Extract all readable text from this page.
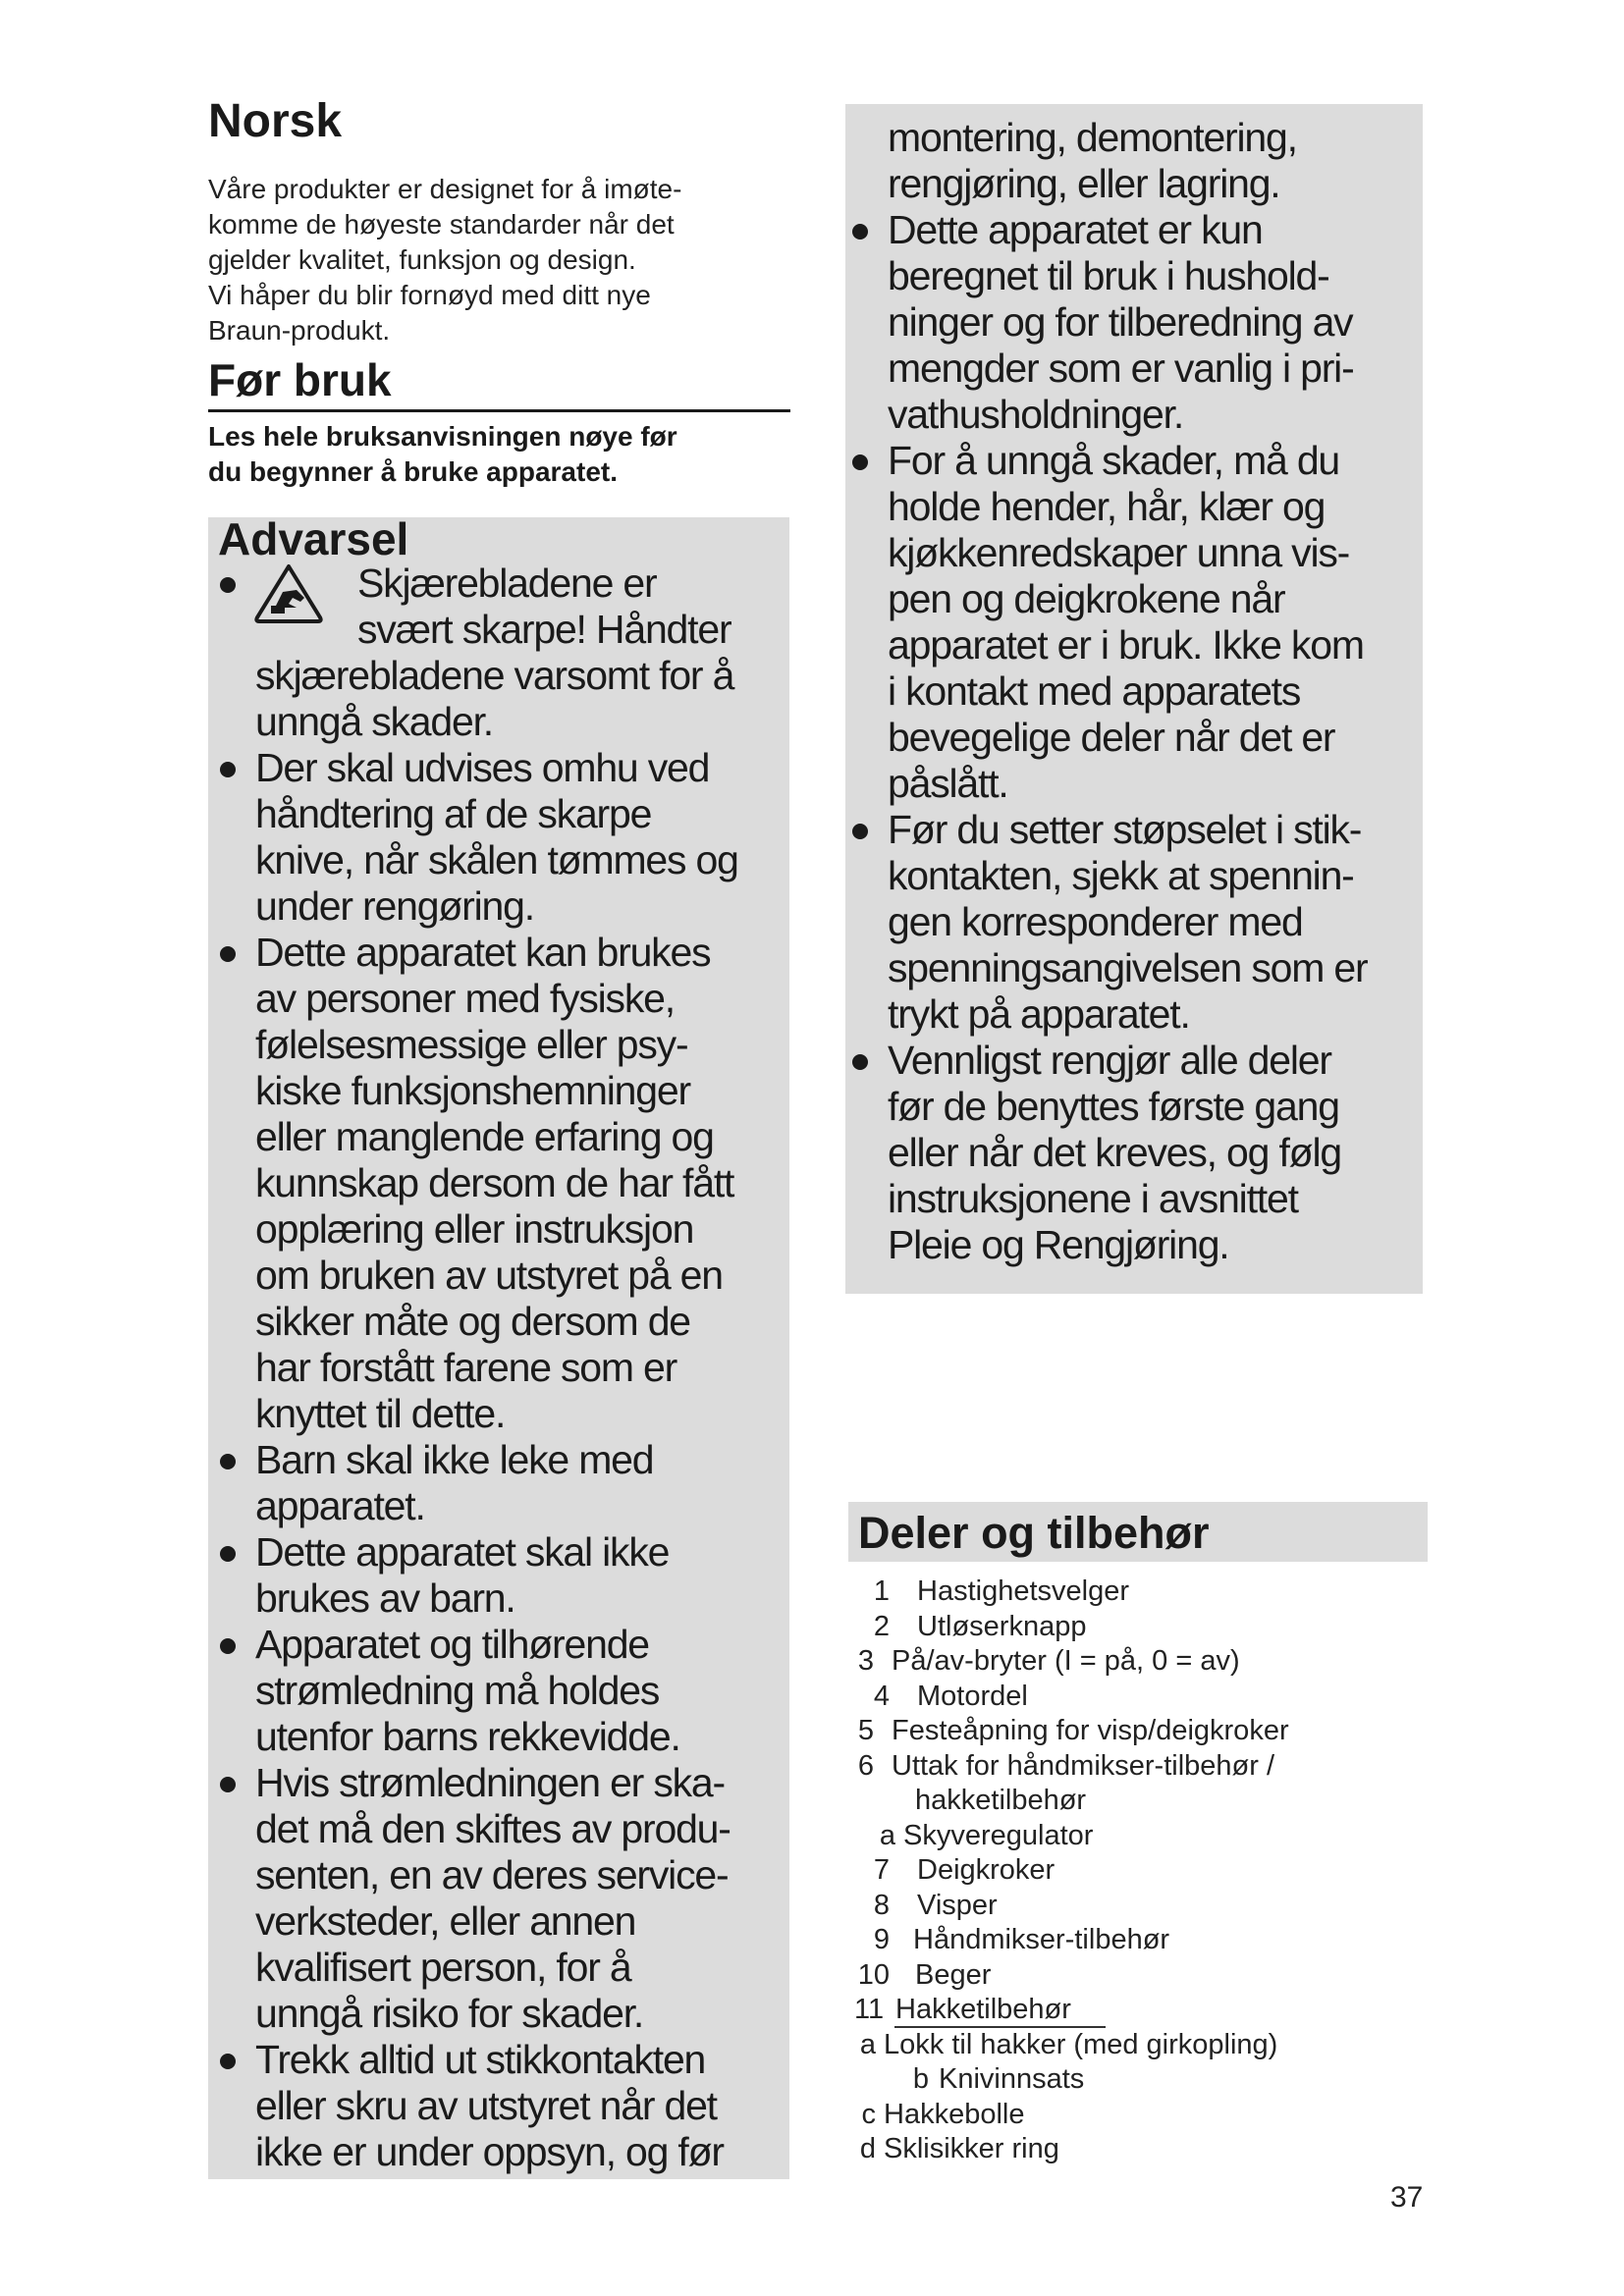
Norsk

Våre produkter er designet for å imøte-
komme de høyeste standarder når det
gjelder kvalitet, funksjon og design.

Vi håper du blir fornøyd med ditt nye
Braun-produkt.

Før bruk
Les hele bruksanvisningen nøye før
du begynner å bruke apparatet.
Advarsel
Skjærebladene er
svært skarpe! Håndter
skjærebladene varsomt for å
unngå skader.
Der skal udvises omhu ved
håndtering af de skarpe
knive, når skålen tømmes og
under rengøring.
Dette apparatet kan brukes
av personer med fysiske,
følelsesmessige eller psy-
kiske funksjonshemninger
eller manglende erfaring og
kunnskap dersom de har fått
opplæring eller instruksjon
om bruken av utstyret på en
sikker måte og dersom de
har forstått farene som er
knyttet til dette.
Barn skal ikke leke med
apparatet.
Dette apparatet skal ikke
brukes av barn.
Apparatet og tilhørende
strømledning må holdes
utenfor barns rekkevidde.
Hvis strømledningen er ska-
det må den skiftes av produ-
senten, en av deres service-
verksteder, eller annen
kvalifisert person, for å
unngå risiko for skader.
Trekk alltid ut stikkontakten
eller skru av utstyret når det
ikke er under oppsyn, og før
montering, demontering,
rengjøring, eller lagring.
Dette apparatet er kun
beregnet til bruk i hushold-
ninger og for tilberedning av
mengder som er vanlig i pri-
vathusholdninger.
For å unngå skader, må du
holde hender, hår, klær og
kjøkkenredskaper unna vis-
pen og deigkrokene når
apparatet er i bruk. Ikke kom
i kontakt med apparatets
bevegelige deler når det er
påslått.
Før du setter støpselet i stik-
kontakten, sjekk at spennin-
gen korresponderer med
spenningsangivelsen som er
trykt på apparatet.
Vennligst rengjør alle deler
før de benyttes første gang
eller når det kreves, og følg
instruksjonene i avsnittet
Pleie og Rengjøring.
Deler og tilbehør
1 Hastighetsvelger
2 Utløserknapp
3 På/av-bryter (I = på, 0 = av)
4 Motordel
5 Festeåpning for visp/deigkroker
6 Uttak for håndmikser-tilbehør /
hakketilbehør
a Skyveregulator
7 Deigkroker
8 Visper
9 Håndmikser-tilbehør
10 Beger
11 Hakketilbehør
a Lokk til hakker (med girkopling)
b Knivinnsats
c Hakkebolle
d Sklisikker ring
37
